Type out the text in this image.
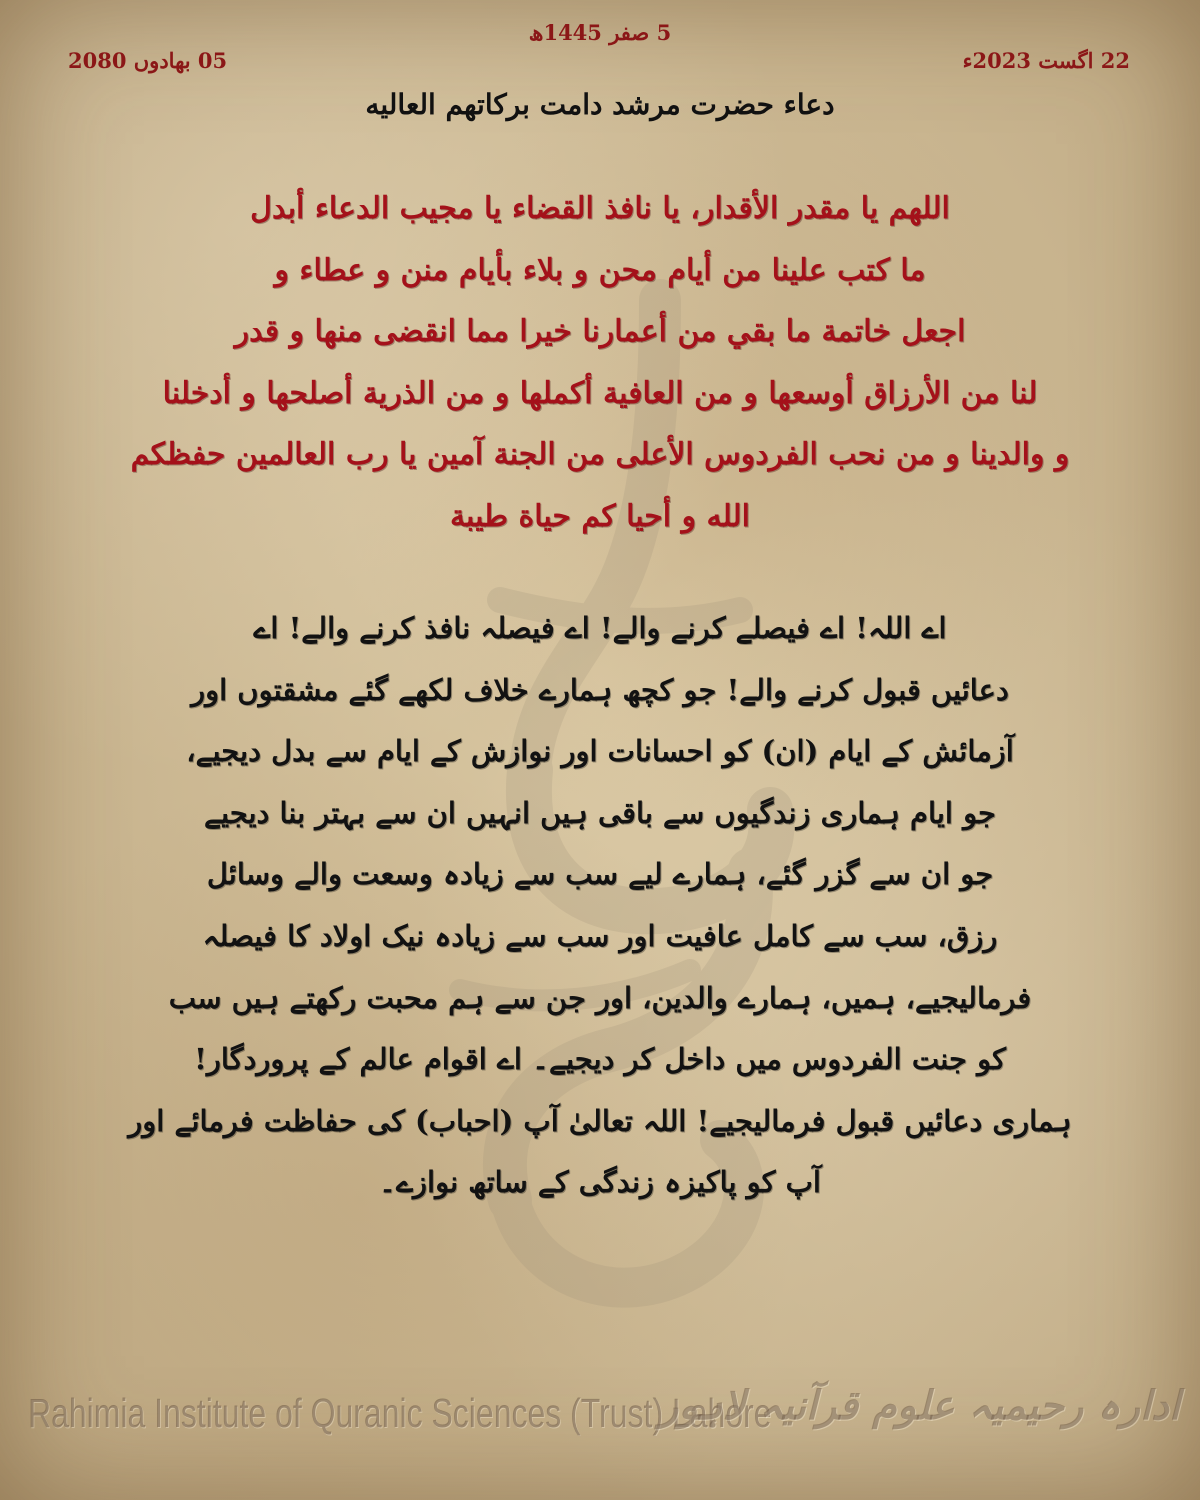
5 صفر 1445ھ
22 اگست 2023ء
05 بھادوں 2080
دعاء حضرت مرشد دامت بركاتهم العاليه
اللهم يا مقدر الأقدار، يا نافذ القضاء يا مجيب الدعاء أبدل
ما كتب علينا من أيام محن و بلاء بأيام منن و عطاء و
اجعل خاتمة ما بقي من أعمارنا خيرا مما انقضى منها و قدر
لنا من الأرزاق أوسعها و من العافية أكملها و من الذرية أصلحها و أدخلنا
و والدينا و من نحب الفردوس الأعلى من الجنة آمين يا رب العالمين حفظكم
الله و أحيا كم حياة طيبة
اے اللہ! اے فیصلے کرنے والے! اے فیصلہ نافذ کرنے والے! اے
دعائیں قبول کرنے والے! جو کچھ ہمارے خلاف لکھے گئے مشقتوں اور
آزمائش کے ایام (ان) کو احسانات اور نوازش کے ایام سے بدل دیجیے،
جو ایام ہماری زندگیوں سے باقی ہیں انہیں ان سے بہتر بنا دیجیے
جو ان سے گزر گئے، ہمارے لیے سب سے زیادہ وسعت والے وسائل
رزق، سب سے کامل عافیت اور سب سے زیادہ نیک اولاد کا فیصلہ
فرمالیجیے، ہمیں، ہمارے والدین، اور جن سے ہم محبت رکھتے ہیں سب
کو جنت الفردوس میں داخل کر دیجیے۔ اے اقوام عالم کے پروردگار!
ہماری دعائیں قبول فرمالیجیے! اللہ تعالیٰ آپ (احباب) کی حفاظت فرمائے اور
آپ کو پاکیزہ زندگی کے ساتھ نوازے۔
Rahimia Institute of Quranic Sciences (Trust) Lahore
ادارہ رحیمیہ علوم قرآنیہ لاہور
